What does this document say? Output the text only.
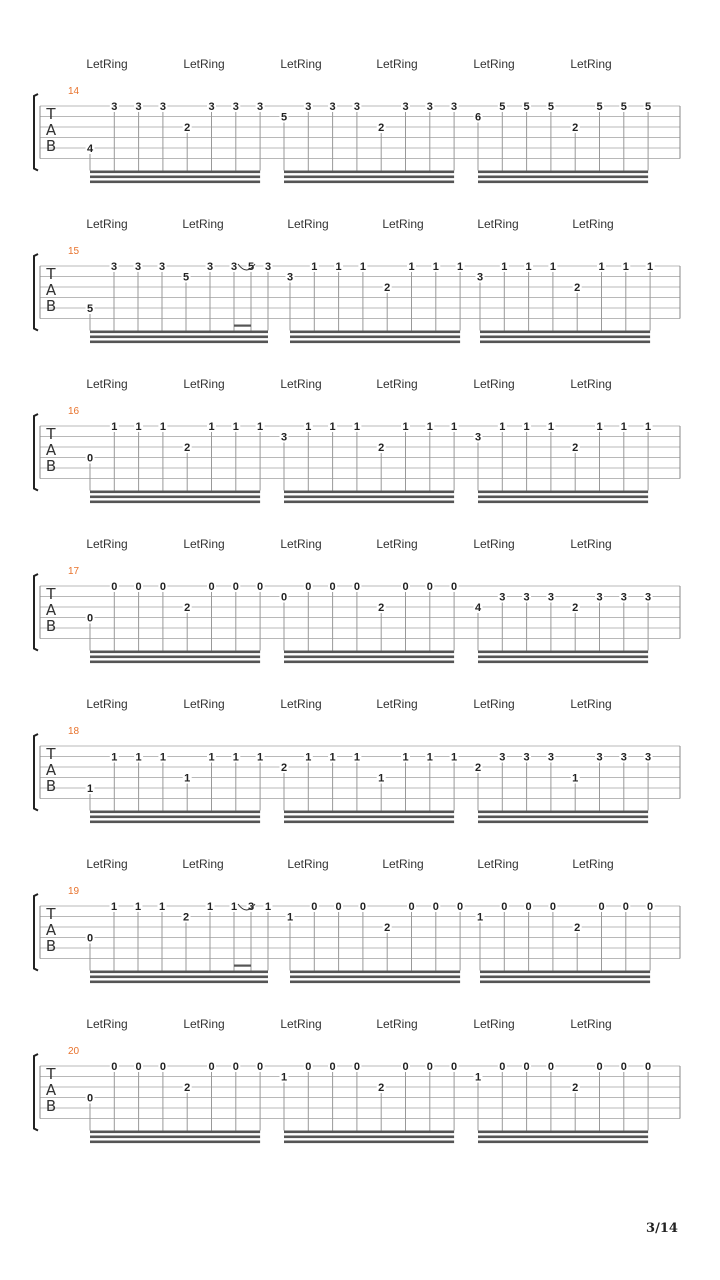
LetRing	LetRing	LetRing	LetRing	LetRing	LetRing
14
T
A
B	4
3 3 3
2
3 3 3
5
3 3 3
2
3 3 3
6
5 5 5
2
5 5 5
LetRing	LetRing	LetRing	LetRing	LetRing	LetRing
15
T
A
B	5
3 3 3
5
3 3 5 3
3
1 1 1
2
1 1 1
3
1 1 1
2
1 1 1
LetRing	LetRing	LetRing	LetRing	LetRing	LetRing
16
T
A
B	0
1 1 1
2
1 1 1
3
1 1 1
2
1 1 1
3
1 1 1
2
1 1 1
LetRing	LetRing	LetRing	LetRing	LetRing	LetRing
17
T
A
B	0
0 0 0
2
0 0 0
0
0 0 0
2
0 0 0
4
3 3 3
2
3 3 3
LetRing	LetRing	LetRing	LetRing	LetRing	LetRing
18
T
A
B	1
1 1 1
1
1 1 1
2
1 1 1
1
1 1 1
2
3 3 3
1
3 3 3
LetRing	LetRing	LetRing	LetRing	LetRing	LetRing
19
T
A
B	0
1 1 1
2
1 1 3 1
1
0 0 0
2
0 0 0
1
0 0 0
2
0 0 0
LetRing	LetRing	LetRing	LetRing	LetRing	LetRing
20
T
A
B	0
0 0 0
2
0 0 0
1
0 0 0
2
0 0 0
1
0 0 0
2
0 0 0
3/14
